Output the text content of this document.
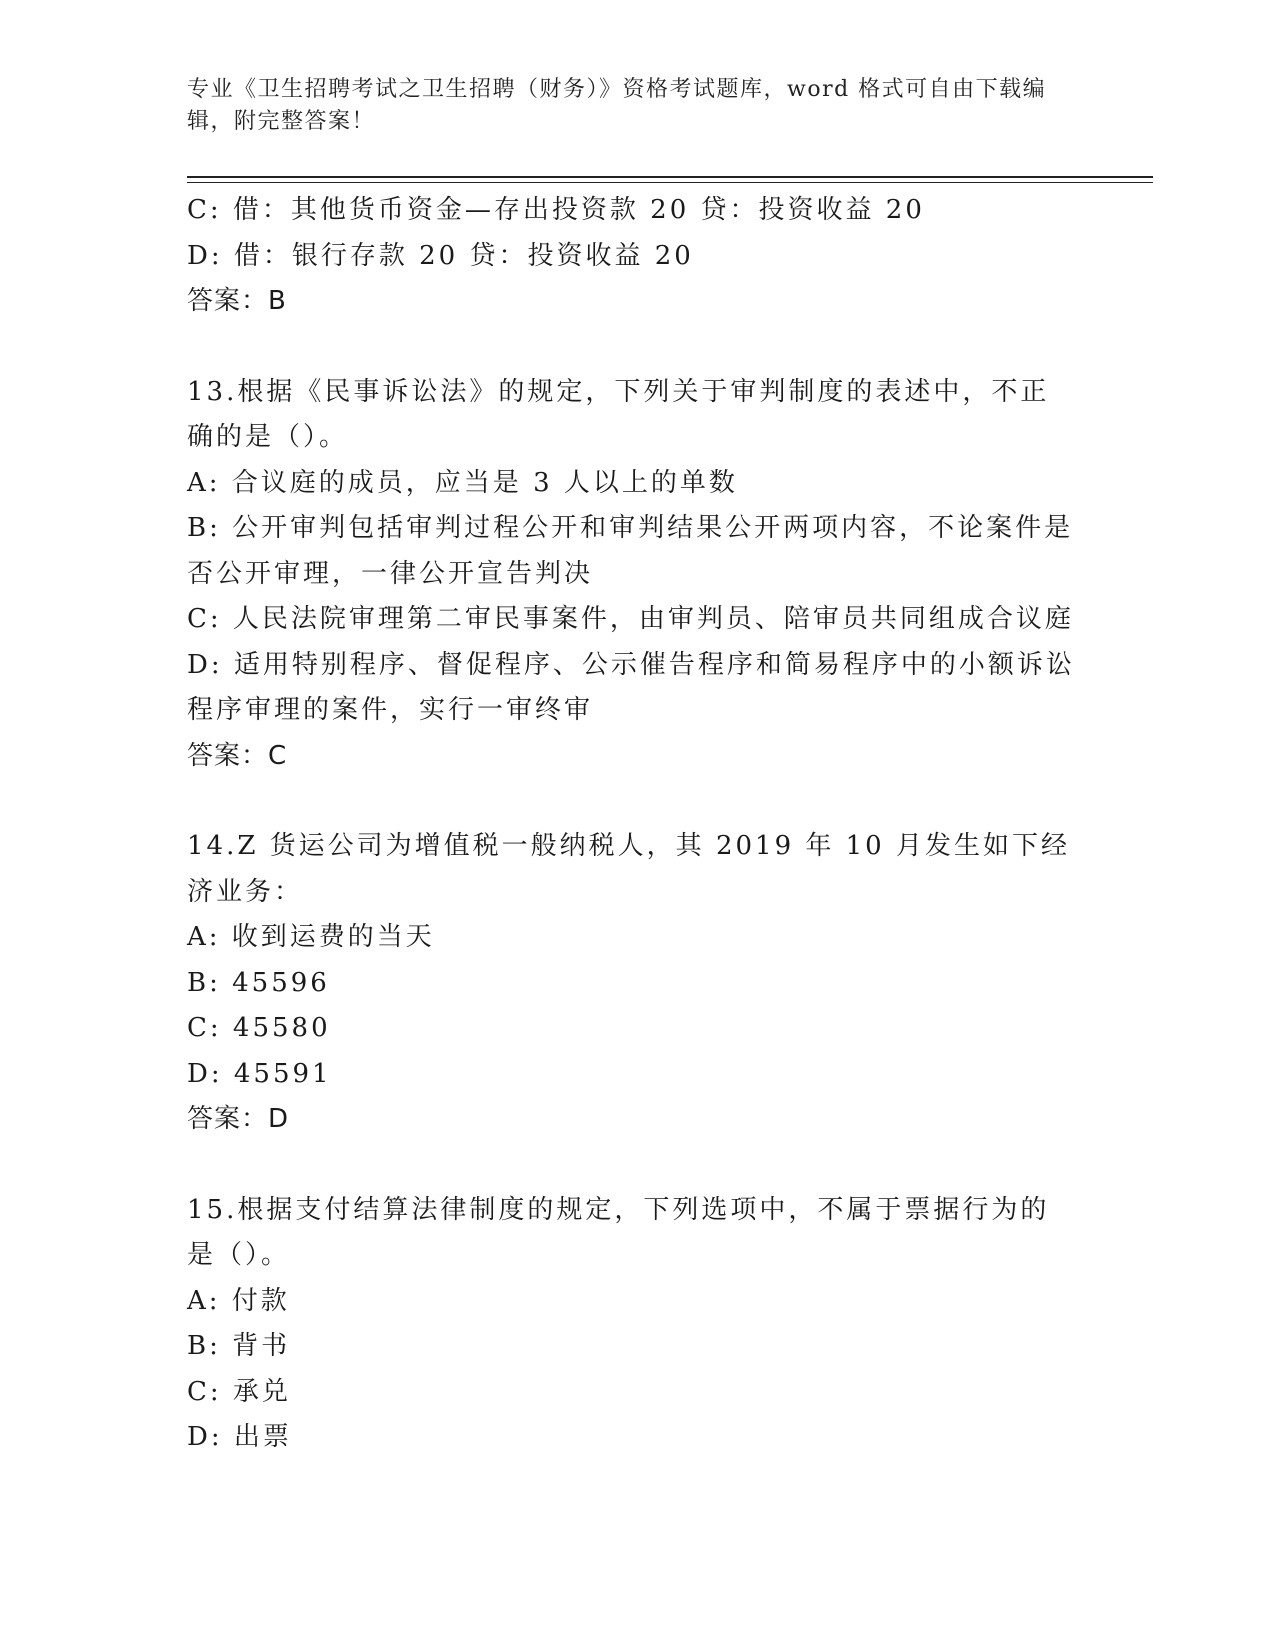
专业《卫生招聘考试之卫生招聘（财务）》资格考试题库，word 格式可自由下载编辑，附完整答案！
C: 借：其他货币资金—存出投资款 20 贷：投资收益 20
D: 借：银行存款 20 贷：投资收益 20
答案：B
13.根据《民事诉讼法》的规定，下列关于审判制度的表述中，不正确的是（）。
A: 合议庭的成员，应当是 3 人以上的单数
B: 公开审判包括审判过程公开和审判结果公开两项内容，不论案件是否公开审理，一律公开宣告判决
C: 人民法院审理第二审民事案件，由审判员、陪审员共同组成合议庭
D: 适用特别程序、督促程序、公示催告程序和简易程序中的小额诉讼程序审理的案件，实行一审终审
答案：C
14.Z 货运公司为增值税一般纳税人，其 2019 年 10 月发生如下经济业务：
A: 收到运费的当天
B: 45596
C: 45580
D: 45591
答案：D
15.根据支付结算法律制度的规定，下列选项中，不属于票据行为的是（）。
A: 付款
B: 背书
C: 承兑
D: 出票
